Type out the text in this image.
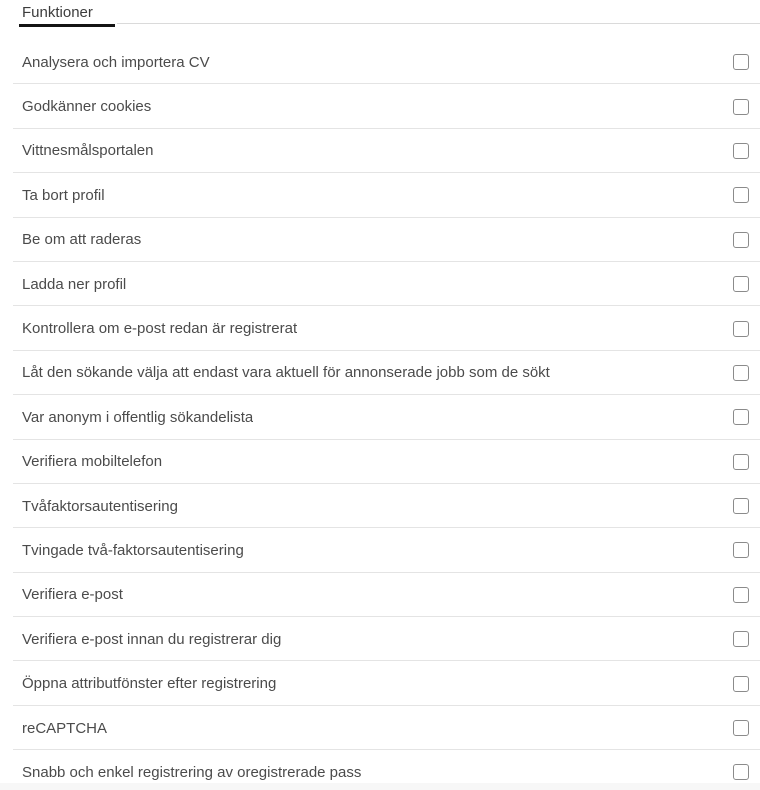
Funktioner
Analysera och importera CV
Godkänner cookies
Vittnesmålsportalen
Ta bort profil
Be om att raderas
Ladda ner profil
Kontrollera om e-post redan är registrerat
Låt den sökande välja att endast vara aktuell för annonserade jobb som de sökt
Var anonym i offentlig sökandelista
Verifiera mobiltelefon
Tvåfaktorsautentisering
Tvingade två-faktorsautentisering
Verifiera e-post
Verifiera e-post innan du registrerar dig
Öppna attributfönster efter registrering
reCAPTCHA
Snabb och enkel registrering av oregistrerade pass
